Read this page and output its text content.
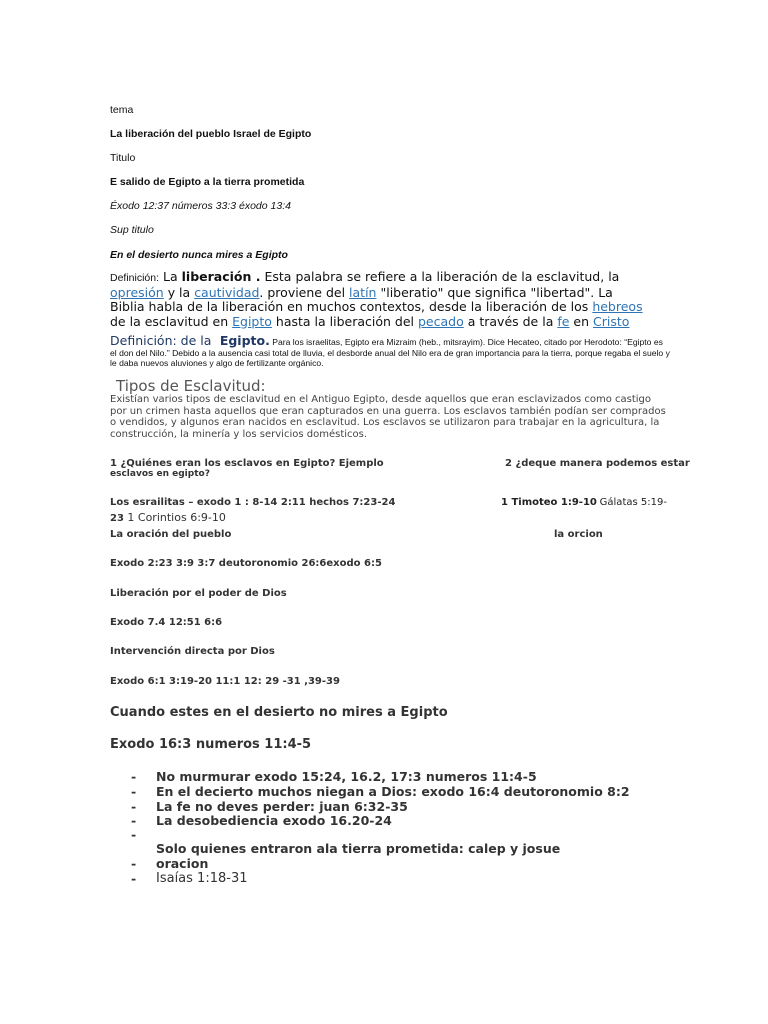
tema
La liberación del pueblo Israel de Egipto
Titulo
E salido de Egipto a la tierra prometida
Éxodo 12:37 números 33:3 éxodo 13:4
Sup titulo
En el desierto nunca mires a Egipto
Definición: La liberación . Esta palabra se refiere a la liberación de la esclavitud, la opresión y la cautividad. proviene del latín "liberatio" que significa "libertad". La Biblia habla de la liberación en muchos contextos, desde la liberación de los hebreos de la esclavitud en Egipto hasta la liberación del pecado a través de la fe en Cristo
Definición: de la Egipto. Para los israelitas, Egipto era Mizraim (heb., mitsrayim). Dice Hecateo, citado por Herodoto: “Egipto es el don del Nilo.” Debido a la ausencia casi total de lluvia, el desborde anual del Nilo era de gran importancia para la tierra, porque regaba el suelo y le daba nuevos aluviones y algo de fertilizante orgánico.
Tipos de Esclavitud:
Existían varios tipos de esclavitud en el Antiguo Egipto, desde aquellos que eran esclavizados como castigo por un crimen hasta aquellos que eran capturados en una guerra. Los esclavos también podían ser comprados o vendidos, y algunos eran nacidos en esclavitud. Los esclavos se utilizaron para trabajar en la agricultura, la construcción, la minería y los servicios domésticos.
1 ¿Quiénes eran los esclavos en Egipto? Ejemplo
esclavos en egipto?
2 ¿deque manera podemos estar
Los esrailitas – exodo 1 : 8-14 2:11 hechos 7:23-24
23 1 Corintios 6:9-10
1 Timoteo 1:9-10 Gálatas 5:19-
La oración del pueblo	la orcion
Exodo 2:23 3:9 3:7 deutoronomio 26:6exodo 6:5
Liberación por el poder de Dios
Exodo 7.4 12:51 6:6
Intervención directa por Dios
Exodo 6:1 3:19-20 11:1 12: 29 -31 ,39-39
Cuando estes en el desierto no mires a Egipto
Exodo 16:3 numeros 11:4-5
- No murmurar exodo 15:24, 16.2, 17:3 numeros 11:4-5
- En el decierto muchos niegan a Dios: exodo 16:4 deutoronomio 8:2
- La fe no deves perder: juan 6:32-35
- La desobediencia exodo 16.20-24
-
Solo quienes entraron ala tierra prometida: calep y josue
- oracion
- Isaías 1:18-31
